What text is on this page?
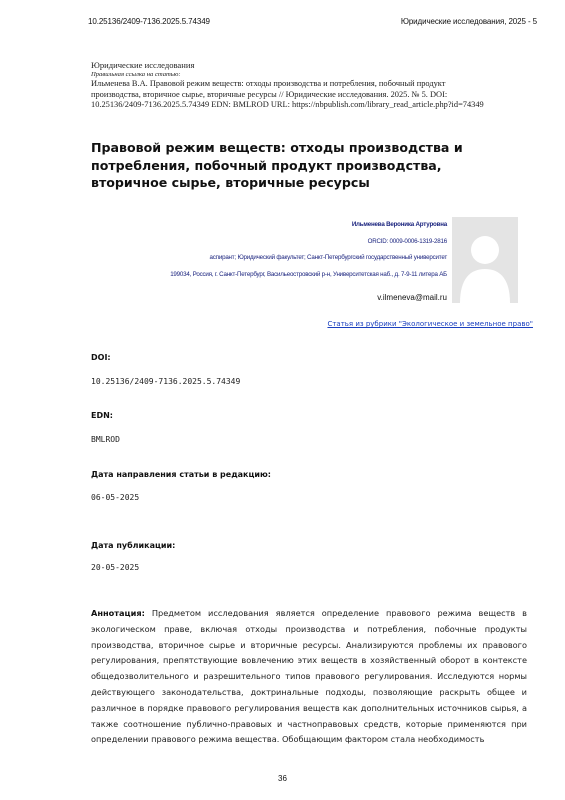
10.25136/2409-7136.2025.5.74349	Юридические исследования, 2025 - 5
Юридические исследования
Правильная ссылка на статью:
Ильменева В.А. Правовой режим веществ: отходы производства и потребления, побочный продукт
производства, вторичное сырье, вторичные ресурсы // Юридические исследования. 2025. № 5. DOI:
10.25136/2409-7136.2025.5.74349 EDN: BMLROD URL: https://nbpublish.com/library_read_article.php?id=74349
Правовой режим веществ: отходы производства и потребления, побочный продукт производства, вторичное сырье, вторичные ресурсы
Ильменева Вероника Артуровна
ORCID: 0009-0006-1319-2816
аспирант; Юридический факультет; Санкт-Петербургский государственный университет
199034, Россия, г. Санкт-Петербург, Васильеостровский р-н, Университетская наб., д. 7-9-11 литера АБ
v.ilmeneva@mail.ru
Статья из рубрики "Экологическое и земельное право"
DOI:
10.25136/2409-7136.2025.5.74349
EDN:
BMLROD
Дата направления статьи в редакцию:
06-05-2025
Дата публикации:
20-05-2025
Аннотация: Предметом исследования является определение правового режима веществ в экологическом праве, включая отходы производства и потребления, побочные продукты производства, вторичное сырье и вторичные ресурсы. Анализируются проблемы их правового регулирования, препятствующие вовлечению этих веществ в хозяйственный оборот в контексте общедозволительного и разрешительного типов правового регулирования. Исследуются нормы действующего законодательства, доктринальные подходы, позволяющие раскрыть общее и различное в порядке правового регулирования веществ как дополнительных источников сырья, а также соотношение публично-правовых и частноправовых средств, которые применяются при определении правового режима вещества. Обобщающим фактором стала необходимость
36
